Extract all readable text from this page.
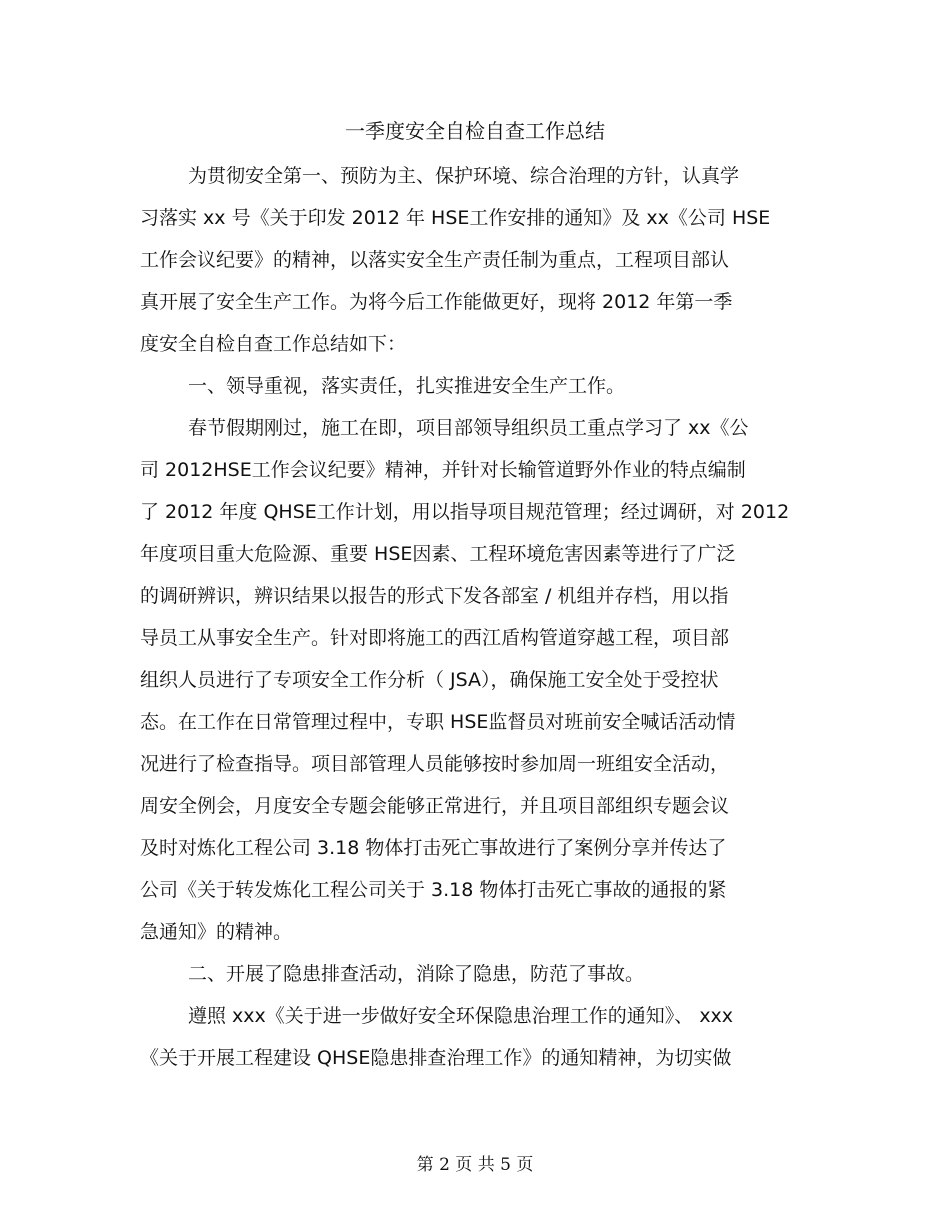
一季度安全自检自查工作总结
为贯彻安全第一、预防为主、保护环境、综合治理的方针，认真学
习落实 xx 号《关于印发 2012 年 HSE工作安排的通知》及 xx《公司 HSE
工作会议纪要》的精神，以落实安全生产责任制为重点，工程项目部认
真开展了安全生产工作。为将今后工作能做更好，现将 2012 年第一季
度安全自检自查工作总结如下：
一、领导重视，落实责任，扎实推进安全生产工作。
春节假期刚过，施工在即，项目部领导组织员工重点学习了 xx《公
司 2012HSE工作会议纪要》精神，并针对长输管道野外作业的特点编制
了 2012 年度 QHSE工作计划，用以指导项目规范管理；经过调研，对 2012
年度项目重大危险源、重要 HSE因素、工程环境危害因素等进行了广泛
的调研辨识，辨识结果以报告的形式下发各部室 / 机组并存档，用以指
导员工从事安全生产。针对即将施工的西江盾构管道穿越工程，项目部
组织人员进行了专项安全工作分析（ JSA），确保施工安全处于受控状
态。在工作在日常管理过程中，专职 HSE监督员对班前安全喊话活动情
况进行了检查指导。项目部管理人员能够按时参加周一班组安全活动，
周安全例会，月度安全专题会能够正常进行，并且项目部组织专题会议
及时对炼化工程公司 3.18 物体打击死亡事故进行了案例分享并传达了
公司《关于转发炼化工程公司关于 3.18 物体打击死亡事故的通报的紧
急通知》的精神。
二、开展了隐患排查活动，消除了隐患，防范了事故。
遵照 xxx《关于进一步做好安全环保隐患治理工作的通知》、 xxx
《关于开展工程建设 QHSE隐患排查治理工作》的通知精神，为切实做
第 2 页 共 5 页
